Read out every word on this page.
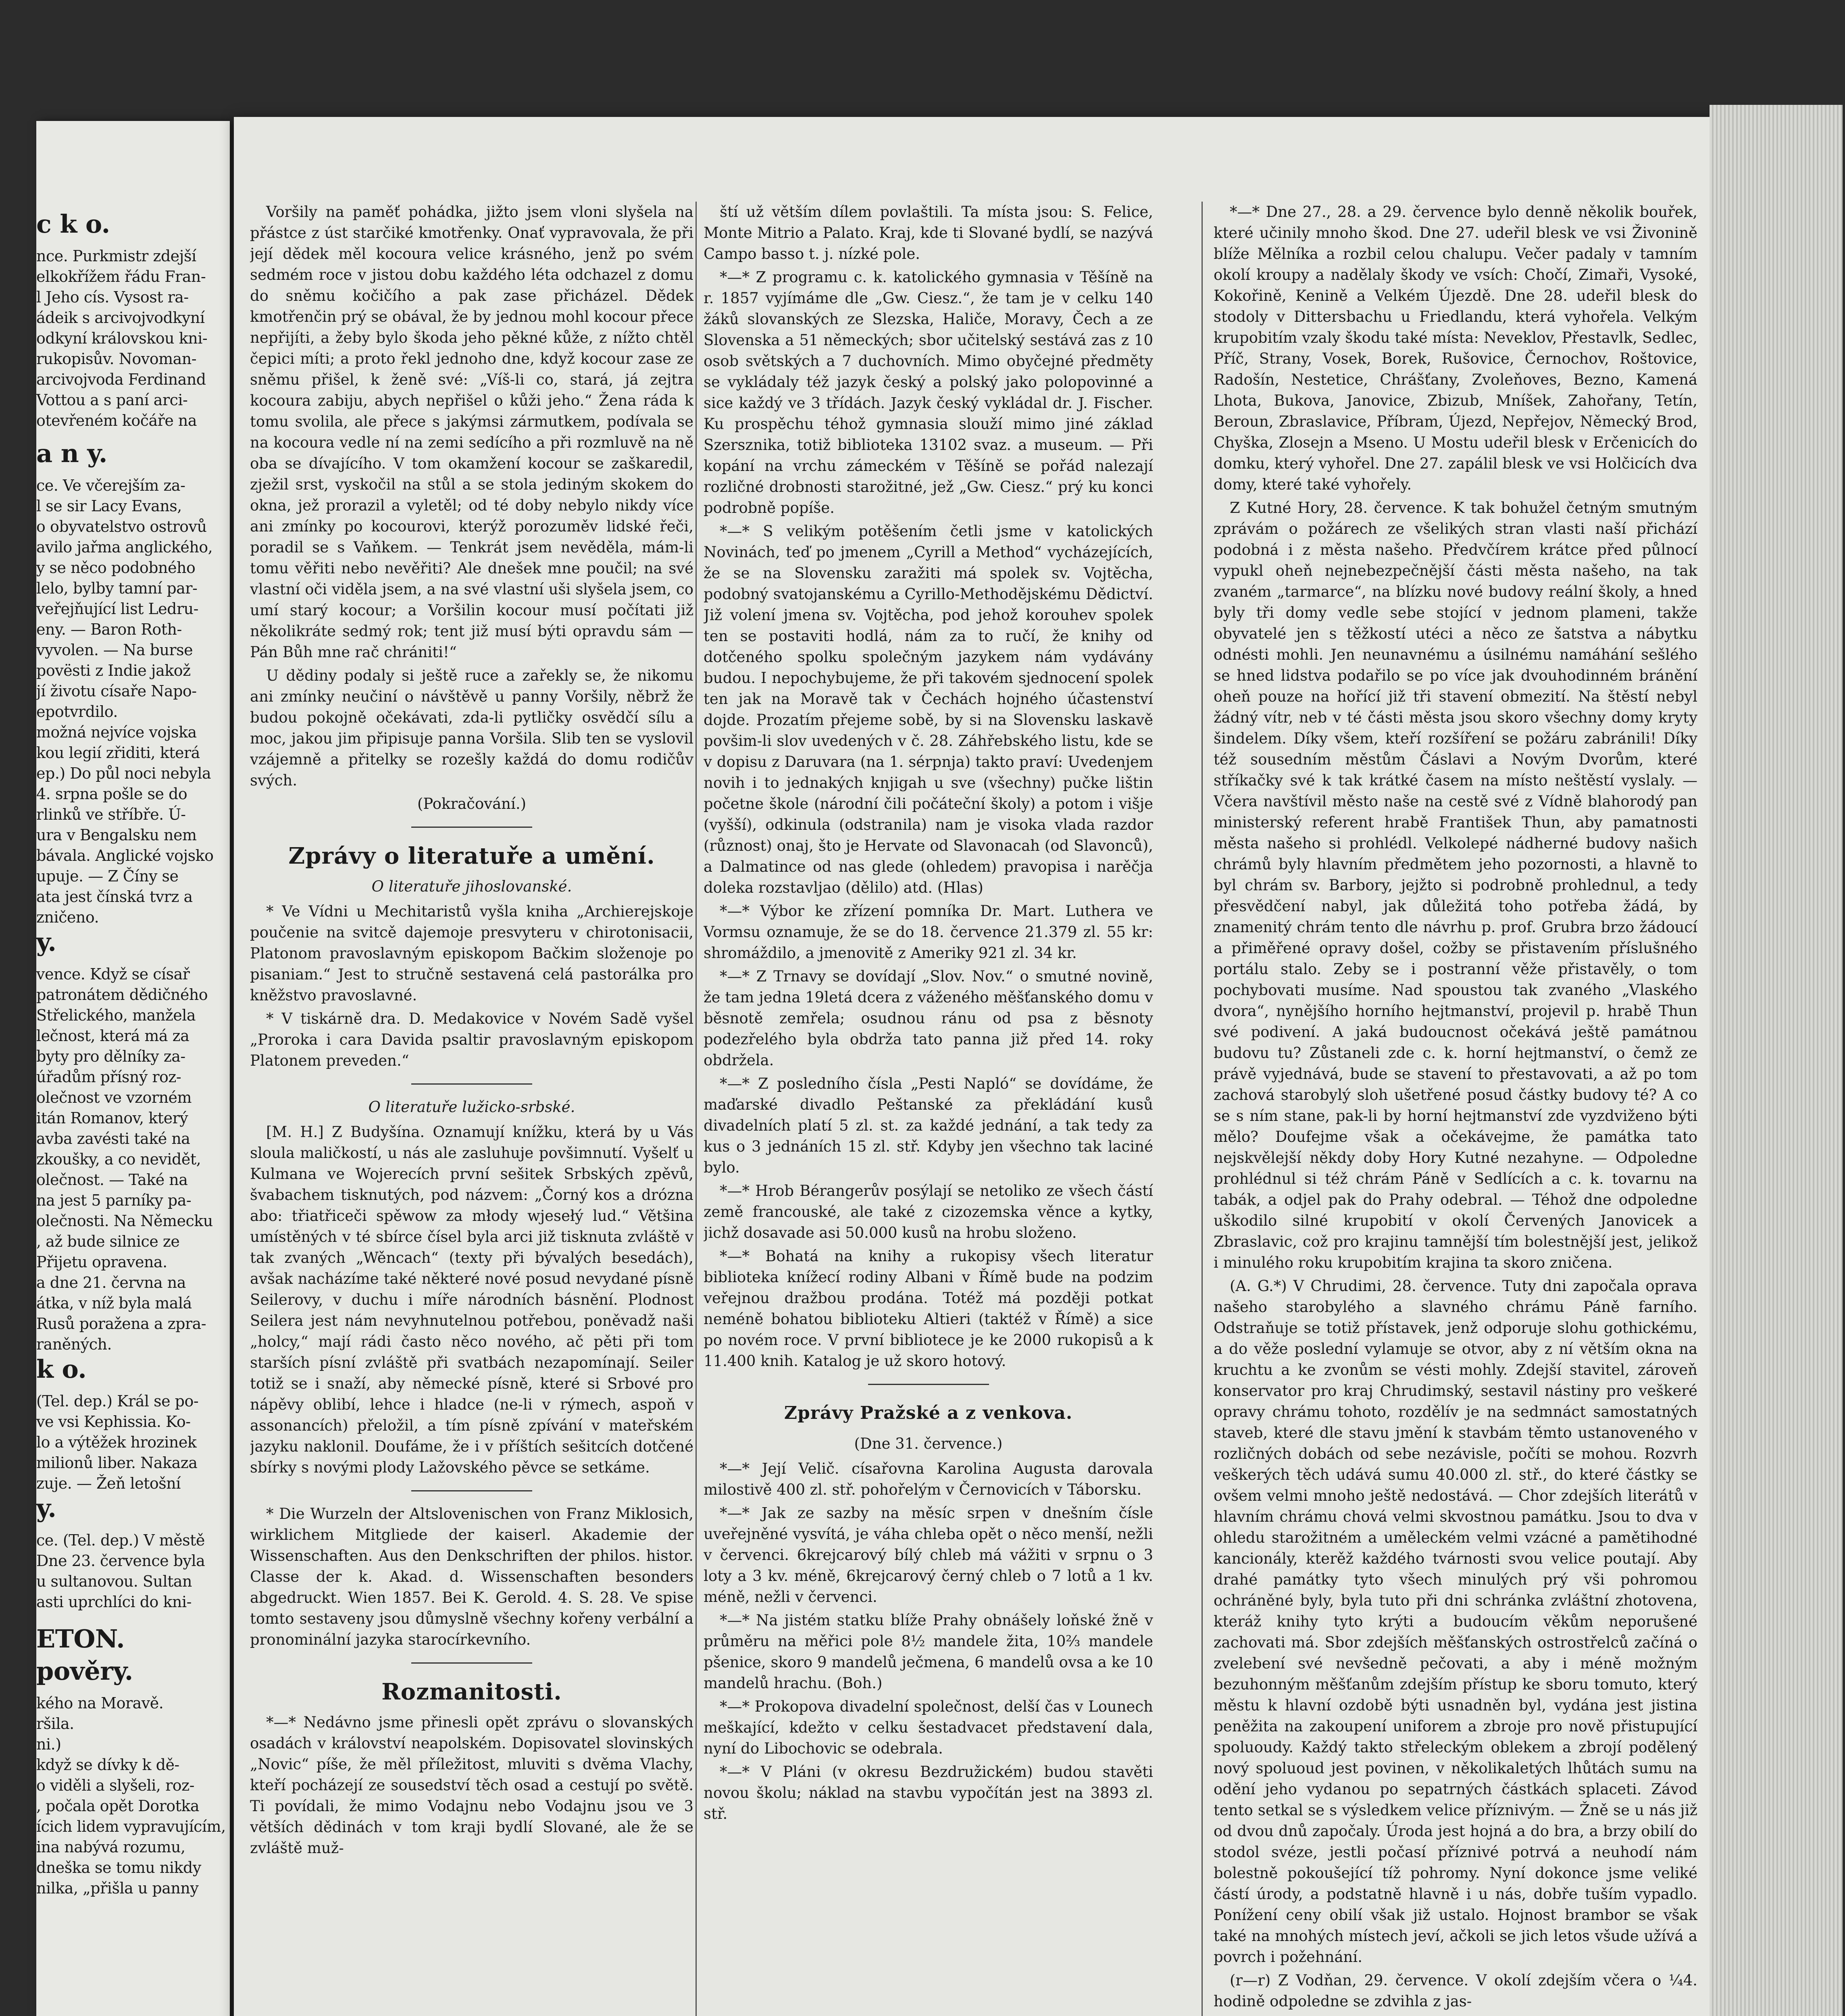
c k o.
nce. Purkmistr zdejší
elkokřížem řádu Fran-
l Jeho cís. Vysost ra-
ádeik s arcivojvodkyní
odkyní královskou kni-
rukopisův. Novoman-
arcivojvoda Ferdinand
Vottou a s paní arci-
otevřeném kočáře na
a n y.
ce. Ve včerejším za-
l se sir Lacy Evans,
o obyvatelstvo ostrovů
avilo jařma anglického,
y se něco podobného
lelo, bylby tamní par-
veřejňující list Ledru-
eny. — Baron Roth-
vyvolen. — Na burse
povësti z Indie jakož
jí životu císaře Napo-
epotvrdilo.
možná nejvíce vojska
kou legií zřiditi, která
ep.) Do půl noci nebyla
4. srpna pošle se do
rlinků ve stříbře. Ú-
ura v Bengalsku nem
bávala. Anglické vojsko
upuje. — Z Číny se
ata jest čínská tvrz a
zničeno.
y.
vence. Když se císař
patronátem dědičného
Střelického, manžela
lečnost, která má za
byty pro dělníky za-
úřadům přísný roz-
olečnost ve vzorném
itán Romanov, který
avba zavésti také na
zkoušky, a co nevidět,
olečnost. — Také na
na jest 5 parníky pa-
olečnosti. Na Německu
, až bude silnice ze
Přijetu opravena.
a dne 21. června na
átka, v níž byla malá
Rusů poražena a zpra-
raněných.
k o.
(Tel. dep.) Král se po-
ve vsi Kephissia. Ko-
lo a výtěžek hrozinek
milionů liber. Nakaza
zuje. — Žeň letošní
y.
ce. (Tel. dep.) V městě
Dne 23. července byla
u sultanovou. Sultan
asti uprchlíci do kni-
ETON.
pověry.
kého na Moravě.
ršila.
ni.)
když se dívky k dě-
o viděli a slyšeli, roz-
, počala opět Dorotka
ícich lidem vypravujícím,
ina nabývá rozumu,
dneška se tomu nikdy
nilka, „přišla u panny

Voršily na paměť pohádka, jižto jsem vloni slyšela na přástce z úst starčiké kmotřenky. Onať vypravovala, že při její dědek měl kocoura velice krásného, jenž po svém sedmém roce v jistou dobu každého léta odchazel z domu do sněmu kočičího a pak zase přicházel. Dědek kmotřenčin prý se obával, že by jednou mohl kocour přece nepřijíti, a žeby bylo škoda jeho pěkné kůže, z nížto chtěl čepici míti; a proto řekl jednoho dne, když kocour zase ze sněmu přišel, k ženě své: „Víš-li co, stará, já zejtra kocoura zabiju, abych nepřišel o kůži jeho.“ Žena ráda k tomu svolila, ale přece s jakýmsi zármutkem, podívala se na kocoura vedle ní na zemi sedícího a při rozmluvě na ně oba se dívajícího. V tom okamžení kocour se zaškaredil, zježil srst, vyskočil na stůl a se stola jediným skokem do okna, jež prorazil a vyletěl; od té doby nebylo nikdy více ani zmínky po kocourovi, kterýž porozuměv lidské řeči, poradil se s Vaňkem. — Tenkrát jsem nevěděla, mám-li tomu věřiti nebo nevěřiti? Ale dnešek mne poučil; na své vlastní oči viděla jsem, a na své vlastní uši slyšela jsem, co umí starý kocour; a Voršilin kocour musí počítati již několikráte sedmý rok; tent již musí býti opravdu sám — Pán Bůh mne rač chrániti!“

U dědiny podaly si ještě ruce a zařekly se, že nikomu ani zmínky neučiní o návštěvě u panny Voršily, něbrž že budou pokojně očekávati, zda-li pytličky osvědčí sílu a moc, jakou jim připisuje panna Voršila. Slib ten se vyslovil vzájemně a přitelky se rozešly každá do domu rodičův svých.

(Pokračování.)

Zprávy o literatuře a umění.
O literatuře jihoslovanské.

* Ve Vídni u Mechitaristů vyšla kniha „Archierejskoje poučenie na svitcě dajemoje presvyteru v chirotonisacii, Platonom pravoslavným episkopom Bačkim složenoje po pisaniam.“ Jest to stručně sestavená celá pastorálka pro kněžstvo pravoslavné.

* V tiskárně dra. D. Medakovice v Novém Sadě vyšel „Proroka i cara Davida psaltir pravoslavným episkopom Platonem preveden.“

O literatuře lužicko-srbské.

[M. H.] Z Budyšína. Oznamují knížku, která by u Vás sloula maličkostí, u nás ale zasluhuje povšimnutí. Vyšelť u Kulmana ve Wojerecích první sešitek Srbských zpěvů, švabachem tisknutých, pod názvem: „Čorný kos a drózna abo: třiatřiceči spěwow za młody wjesełý lud.“ Většina umístěných v té sbírce čísel byla arci již tisknuta zvláště v tak zvaných „Wěncach“ (texty při bývalých besedách), avšak nacházíme také některé nové posud nevydané písně Seilerovy, v duchu i míře národních básnění. Plodnost Seilera jest nám nevyhnutelnou potřebou, poněvadž naši „holcy,“ mají rádi často něco nového, ač pěti při tom starších písní zvláště při svatbách nezapomínají. Seiler totiž se i snaží, aby německé písně, které si Srbové pro nápěvy oblibí, lehce i hladce (ne-li v rýmech, aspoň v assonancích) přeložil, a tím písně zpívání v mateřském jazyku naklonil. Doufáme, že i v příštích sešitcích dotčené sbírky s novými plody Lažovského pěvce se setkáme.

* Die Wurzeln der Altslovenischen von Franz Miklosich, wirklichem Mitgliede der kaiserl. Akademie der Wissenschaften. Aus den Denkschriften der philos. histor. Classe der k. Akad. d. Wissenschaften besonders abgedruckt. Wien 1857. Bei K. Gerold. 4. S. 28. Ve spise tomto sestaveny jsou důmyslně všechny kořeny verbální a pronominální jazyka starocírkevního.

Rozmanitosti.

*—* Nedávno jsme přinesli opět zprávu o slovanských osadách v království neapolském. Dopisovatel slovinských „Novic“ píše, že měl příležitost, mluviti s dvěma Vlachy, kteří pocházejí ze sousedství těch osad a cestují po světě. Ti povídali, že mimo Vodajnu nebo Vodajnu jsou ve 3 větších dědinách v tom kraji bydlí Slované, ale že se zvláště muž-

ští už větším dílem povlaštili. Ta místa jsou: S. Felice, Monte Mitrio a Palato. Kraj, kde ti Slované bydlí, se nazývá Campo basso t. j. nízké pole.

*—* Z programu c. k. katolického gymnasia v Těšíně na r. 1857 vyjímáme dle „Gw. Ciesz.“, že tam je v celku 140 žáků slovanských ze Slezska, Haliče, Moravy, Čech a ze Slovenska a 51 německých; sbor učitelský sestává zas z 10 osob světských a 7 duchovních. Mimo obyčejné předměty se vykládaly též jazyk český a polský jako polopovinné a sice každý ve 3 třídách. Jazyk český vykládal dr. J. Fischer. Ku prospěchu téhož gymnasia slouží mimo jiné základ Szersznika, totiž biblioteka 13102 svaz. a museum. — Při kopání na vrchu zámeckém v Těšíně se pořád nalezají rozličné drobnosti starožitné, jež „Gw. Ciesz.“ prý ku konci podrobně popíše.

*—* S velikým potěšením četli jsme v katolických Novinách, teď po jmenem „Cyrill a Method“ vycházejících, že se na Slovensku zaražiti má spolek sv. Vojtěcha, podobný svatojanskému a Cyrillo-Methodějskému Dědictví. Již volení jmena sv. Vojtěcha, pod jehož korouhev spolek ten se postaviti hodlá, nám za to ručí, že knihy od dotčeného spolku společným jazykem nám vydávány budou. I nepochybujeme, že při takovém sjednocení spolek ten jak na Moravě tak v Čechách hojného účastenství dojde. Prozatím přejeme sobě, by si na Slovensku laskavě povšim-li slov uvedených v č. 28. Záhřebského listu, kde se v dopisu z Daruvara (na 1. sérpnja) takto praví: Uvedenjem novih i to jednakých knjigah u sve (všechny) pučke lištin početne škole (národní čili počáteční školy) a potom i višje (vyšší), odkinula (odstranila) nam je visoka vlada razdor (různost) onaj, što je Hervate od Slavonacah (od Slavonců), a Dalmatince od nas glede (ohledem) pravopisa i narěčja doleka rozstavljao (dělilo) atd. (Hlas)

*—* Výbor ke zřízení pomníka Dr. Mart. Luthera ve Vormsu oznamuje, že se do 18. července 21.379 zl. 55 kr: shromáždilo, a jmenovitě z Ameriky 921 zl. 34 kr.

*—* Z Trnavy se dovídají „Slov. Nov.“ o smutné novině, že tam jedna 19letá dcera z váženého měšťanského domu v běsnotě zemřela; osudnou ránu od psa z běsnoty podezřelého byla obdrža tato panna již před 14. roky obdržela.

*—* Z posledního čísla „Pesti Napló“ se dovídáme, že maďarské divadlo Peštanské za překládání kusů divadelních platí 5 zl. st. za každé jednání, a tak tedy za kus o 3 jednáních 15 zl. stř. Kdyby jen všechno tak laciné bylo.

*—* Hrob Bérangerův posýlají se netoliko ze všech částí země francouské, ale také z cizozemska věnce a kytky, jichž dosavade asi 50.000 kusů na hrobu složeno.

*—* Bohatá na knihy a rukopisy všech literatur biblioteka knížecí rodiny Albani v Římě bude na podzim veřejnou dražbou prodána. Totéž má později potkat neméně bohatou biblioteku Altieri (taktéž v Římě) a sice po novém roce. V první bibliotece je ke 2000 rukopisů a k 11.400 knih. Katalog je už skoro hotový.

Zprávy Pražské a z venkova.
(Dne 31. července.)

*—* Její Velič. císařovna Karolina Augusta darovala milostivě 400 zl. stř. pohořelým v Černovicích v Táborsku.

*—* Jak ze sazby na měsíc srpen v dnešním čísle uveřejněné vysvítá, je váha chleba opět o něco menší, nežli v červenci. 6krejcarový bílý chleb má vážiti v srpnu o 3 loty a 3 kv. méně, 6krejcarový černý chleb o 7 lotů a 1 kv. méně, nežli v červenci.

*—* Na jistém statku blíže Prahy obnášely loňské žně v průměru na měřici pole 8½ mandele žita, 10⅔ mandele pšenice, skoro 9 mandelů ječmena, 6 mandelů ovsa a ke 10 mandelů hrachu. (Boh.)

*—* Prokopova divadelní společnost, delší čas v Lounech meškající, kdežto v celku šestadvacet představení dala, nyní do Libochovic se odebrala.

*—* V Pláni (v okresu Bezdružickém) budou stavěti novou školu; náklad na stavbu vypočítán jest na 3893 zl. stř.

*—* Dne 27., 28. a 29. července bylo denně několik bouřek, které učinily mnoho škod. Dne 27. udeřil blesk ve vsi Živonině blíže Mělníka a rozbil celou chalupu. Večer padaly v tamním okolí kroupy a nadělaly škody ve vsích: Chočí, Zimaři, Vysoké, Kokořině, Kenině a Velkém Újezdě. Dne 28. udeřil blesk do stodoly v Dittersbachu u Friedlandu, která vyhořela. Velkým krupobitím vzaly škodu také místa: Neveklov, Přestavlk, Sedlec, Příč, Strany, Vosek, Borek, Rušovice, Černochov, Roštovice, Radošín, Nestetice, Chrášťany, Zvoleňoves, Bezno, Kamená Lhota, Bukova, Janovice, Zbizub, Mníšek, Zahořany, Tetín, Beroun, Zbraslavice, Příbram, Újezd, Nepřejov, Německý Brod, Chyška, Zlosejn a Mseno. U Mostu udeřil blesk v Erčenicích do domku, který vyhořel. Dne 27. zapálil blesk ve vsi Holčicích dva domy, které také vyhořely.

Z Kutné Hory, 28. července. K tak bohužel četným smutným zprávám o požárech ze všelikých stran vlasti naší přichází podobná i z města našeho. Předvčírem krátce před půlnocí vypukl oheň nejnebezpečnější části města našeho, na tak zvaném „tarmarce“, na blízku nové budovy reální školy, a hned byly tři domy vedle sebe stojící v jednom plameni, takže obyvatelé jen s těžkostí utéci a něco ze šatstva a nábytku odnésti mohli. Jen neunavnému a úsilnému namáhání sešlého se hned lidstva podařilo se po více jak dvouhodinném bránění oheň pouze na hořící již tři stavení obmezití. Na štěstí nebyl žádný vítr, neb v té části města jsou skoro všechny domy kryty šindelem. Díky všem, kteří rozšíření se požáru zabránili! Díky též sousedním městům Čáslavi a Novým Dvorům, které stříkačky své k tak krátké časem na místo neštěstí vyslaly. — Včera navštívil město naše na cestě své z Vídně blahorodý pan ministerský referent hrabě František Thun, aby pamatnosti města našeho si prohlédl. Velkolepé nádherné budovy našich chrámů byly hlavním předmětem jeho pozornosti, a hlavně to byl chrám sv. Barbory, jejžto si podrobně prohlednul, a tedy přesvědčení nabyl, jak důležitá toho potřeba žádá, by znamenitý chrám tento dle návrhu p. prof. Grubra brzo žádoucí a přiměřené opravy došel, cožby se přistavením příslušného portálu stalo. Zeby se i postranní věže přistavěly, o tom pochybovati musíme. Nad spoustou tak zvaného „Vlaského dvora“, nynějšího horního hejtmanství, projevil p. hrabě Thun své podivení. A jaká budoucnost očekává ještě památnou budovu tu? Zůstaneli zde c. k. horní hejtmanství, o čemž ze právě vyjednává, bude se stavení to přestavovati, a až po tom zachová starobylý sloh ušetřené posud částky budovy té? A co se s ním stane, pak-li by horní hejtmanství zde vyzdviženo býti mělo? Doufejme však a očekávejme, že památka tato nejskvělejší někdy doby Hory Kutné nezahyne. — Odpoledne prohlédnul si též chrám Páně v Sedlících a c. k. tovarnu na tabák, a odjel pak do Prahy odebral. — Téhož dne odpoledne uškodilo silné krupobití v okolí Červených Janovicek a Zbraslavic, což pro krajinu tamnější tím bolestnější jest, jelikož i minulého roku krupobitím krajina ta skoro zničena.

(A. G.*) V Chrudimi, 28. července. Tuty dni započala oprava našeho starobylého a slavného chrámu Páně farního. Odstraňuje se totiž přístavek, jenž odporuje slohu gothickému, a do věže poslední vylamuje se otvor, aby z ní větším okna na kruchtu a ke zvonům se vésti mohly. Zdejší stavitel, zároveň konservator pro kraj Chrudimský, sestavil nástiny pro veškeré opravy chrámu tohoto, rozdělív je na sedmnáct samostatných staveb, které dle stavu jmění k stavbám těmto ustanoveného v rozličných dobách od sebe nezávisle, počíti se mohou. Rozvrh veškerých těch udává sumu 40.000 zl. stř., do které částky se ovšem velmi mnoho ještě nedostává. — Chor zdejších literátů v hlavním chrámu chová velmi skvostnou památku. Jsou to dva v ohledu starožitném a uměleckém velmi vzácné a pamětihodné kancionály, kterěž každého tvárnosti svou velice poutají. Aby drahé památky tyto všech minulých prý vši pohromou ochráněné byly, byla tuto při dni schránka zvláštní zhotovena, kteráž knihy tyto krýti a budoucím věkům neporušené zachovati má. Sbor zdejších měšťanských ostrostřelců začíná o zvelebení své nevšedně pečovati, a aby i méně možným bezuhonným měšťanům zdejším přístup ke sboru tomuto, který městu k hlavní ozdobě býti usnadněn byl, vydána jest jistina peněžita na zakoupení uniforem a zbroje pro nově přistupující spoluoudy. Každý takto střeleckým oblekem a zbrojí podělený nový spoluoud jest povinen, v několikaletých lhůtách sumu na odění jeho vydanou po sepatrných částkách splaceti. Závod tento setkal se s výsledkem velice příznivým. — Žně se u nás již od dvou dnů započaly. Úroda jest hojná a do bra, a brzy obilí do stodol svéze, jestli počasí příznivé potrvá a neuhodí nám bolestně pokoušející tíž pohromy. Nyní dokonce jsme veliké částí úrody, a podstatně hlavně i u nás, dobře tuším vypadlo. Ponížení ceny obilí však již ustalo. Hojnost brambor se však také na mnohých místech jeví, ačkoli se jich letos všude užívá a povrch i požehnání.

(r—r) Z Vodňan, 29. července. V okolí zdejším včera o ¼4. hodině odpoledne se zdvihla z jas-
